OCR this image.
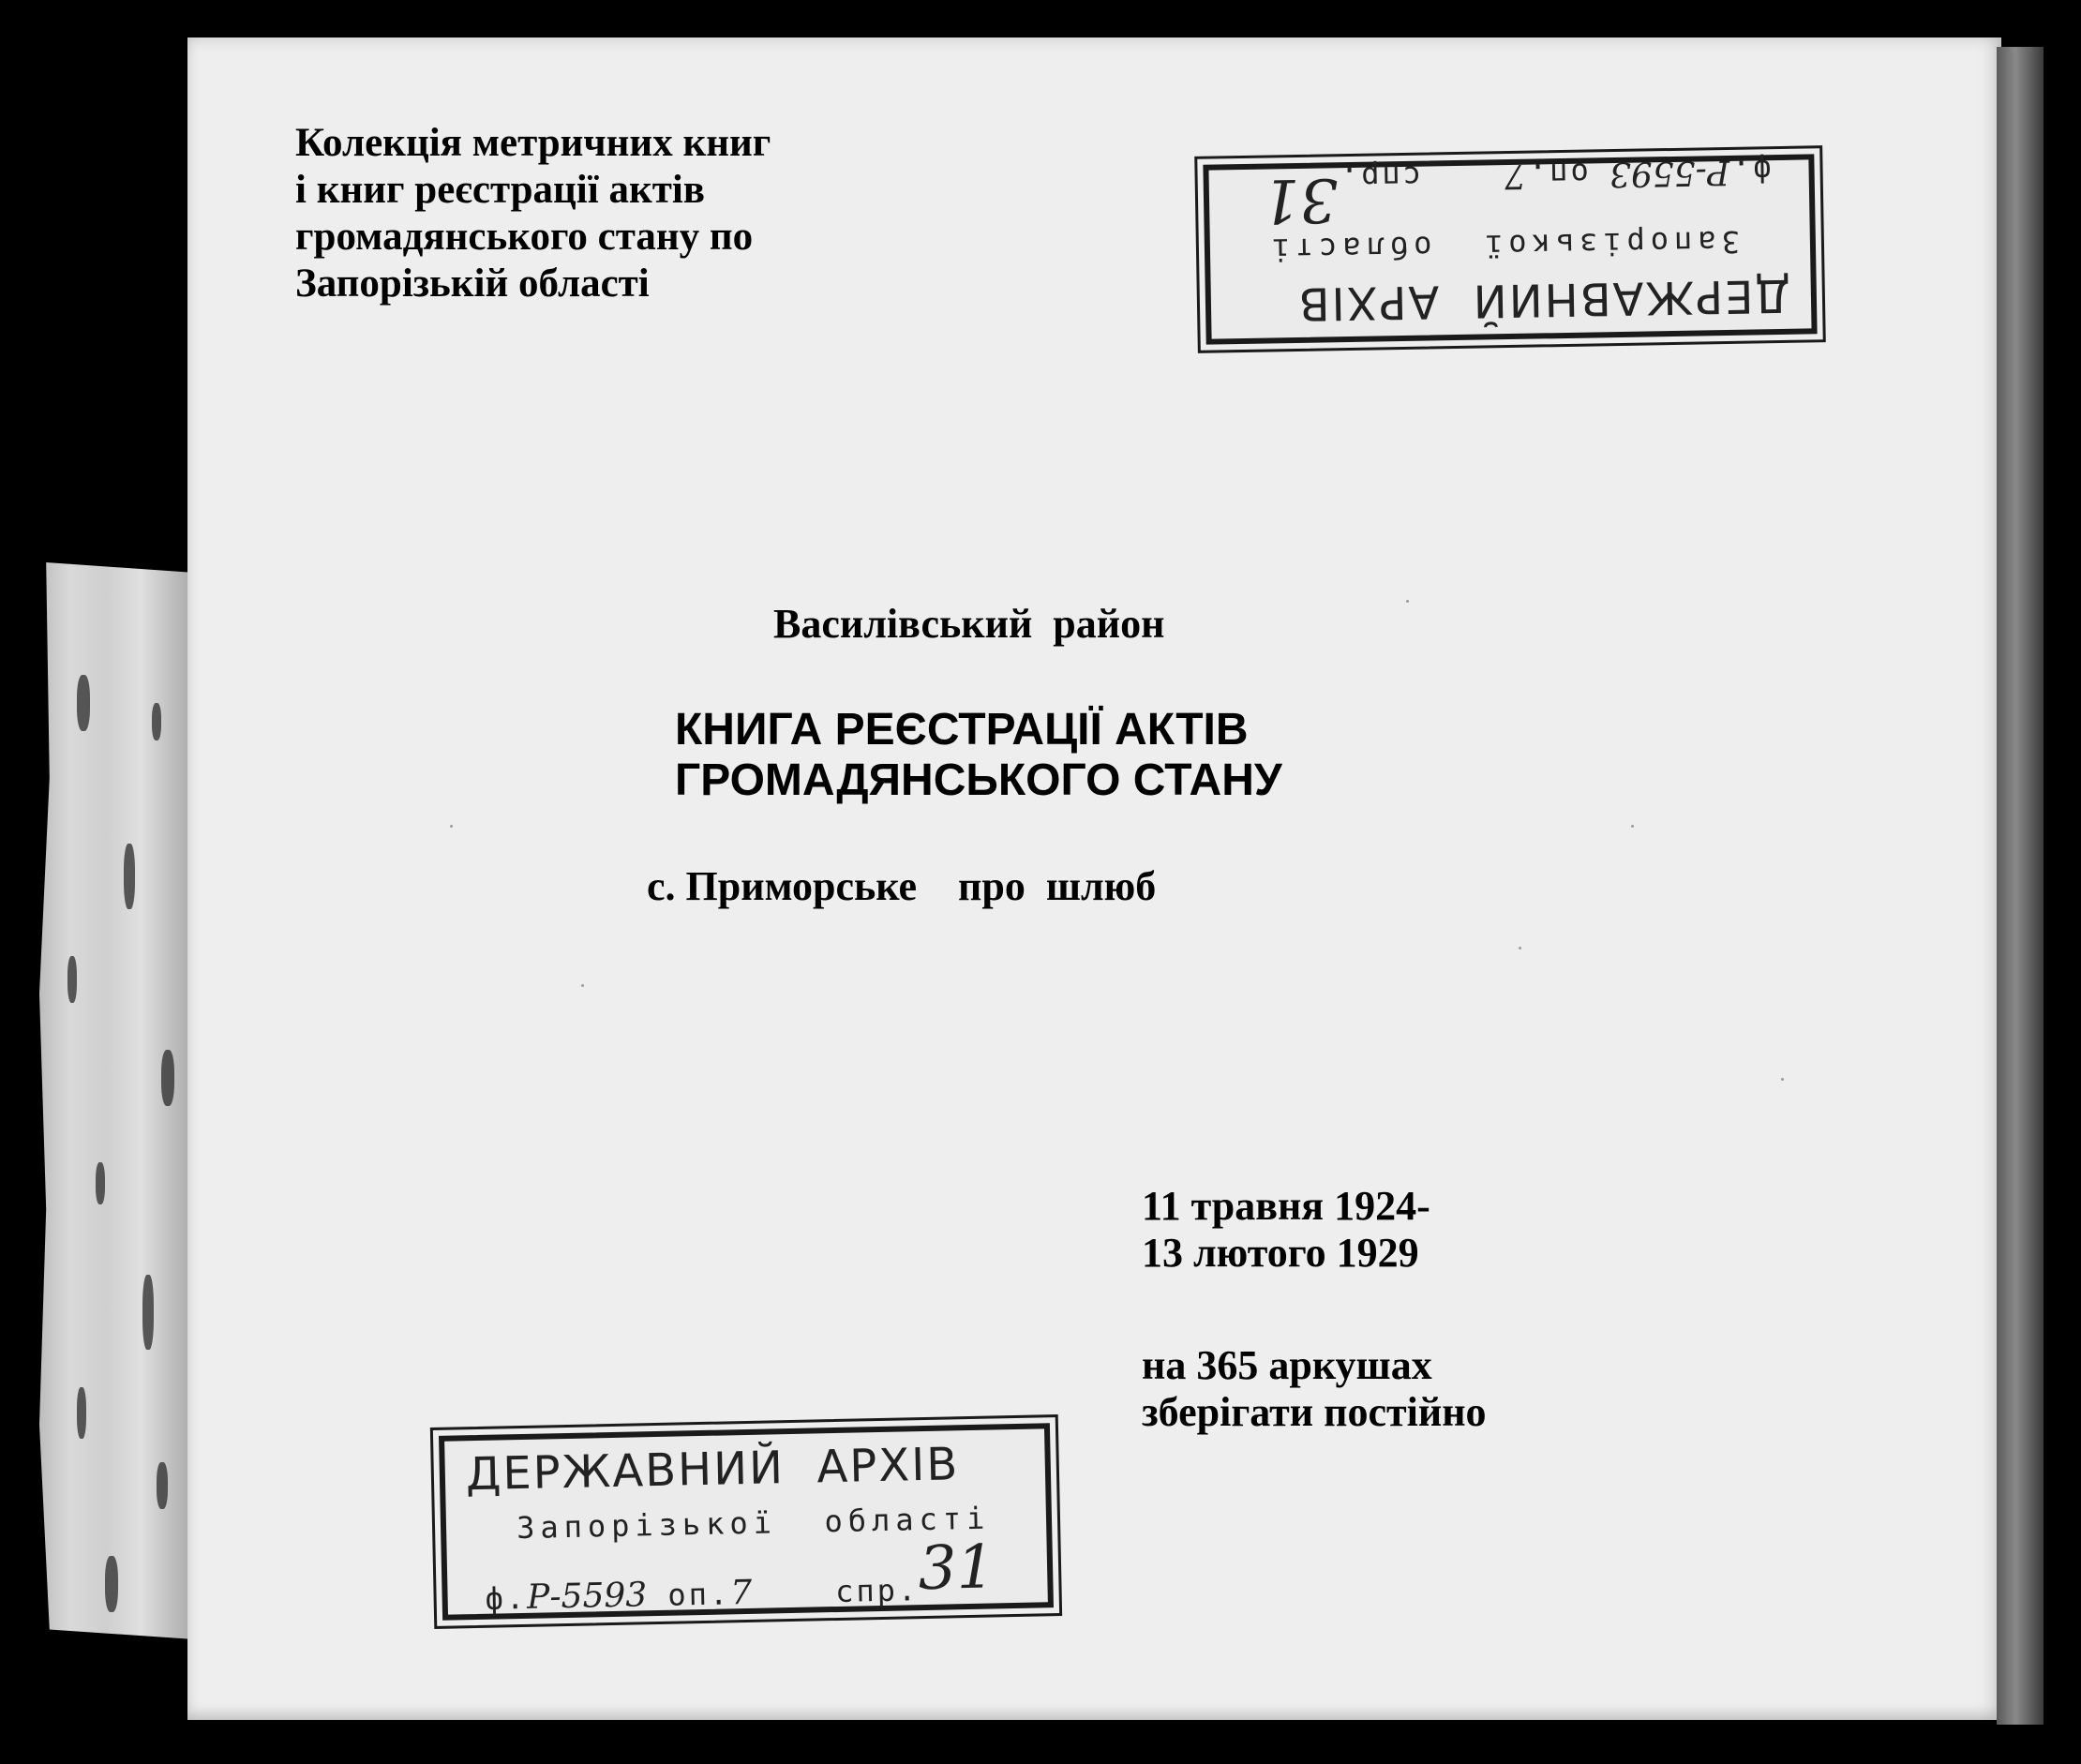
Колекція метричних книг
і книг реєстрації актів
громадянського стану по
Запорізькій області
Василівський  район
КНИГА РЕЄСТРАЦІЇ АКТІВ
ГРОМАДЯНСЬКОГО СТАНУ
с. Приморське    про  шлюб
11 травня 1924-
13 лютого 1929
на 365 аркушах
зберігати постійно
ДЕРЖАВНИЙ  АРХІВ
Запорізької  області
ф.Р-5593 оп.7	спр.31
ДЕРЖАВНИЙ  АРХІВ
Запорізької  області
ф.Р-5593 оп.7    спр.31
